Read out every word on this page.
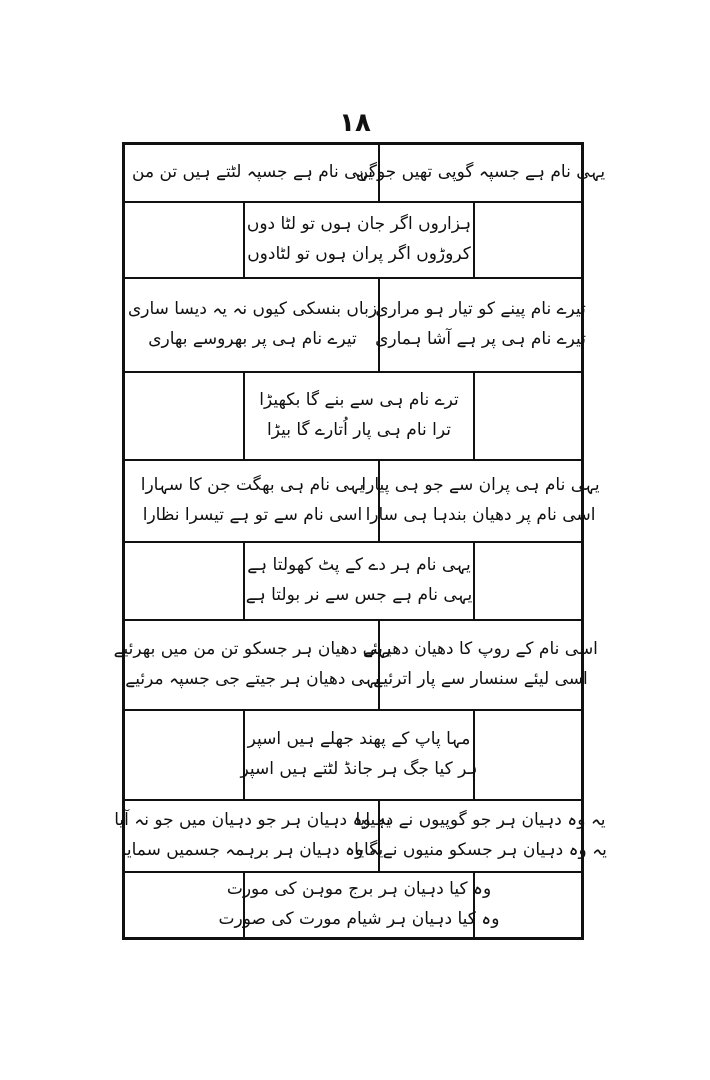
۱۸
یہی نام ہے جسپہ گوپی تھیں جوگن
یہی نام ہے جسپہ لٹتے ہیں تن من
ہزاروں اگر جان ہوں تو لٹا دوں
کروڑوں اگر پران ہوں تو لٹادوں
تیرے نام پینے کو تیار ہو مراری
تیرے نام ہی پر ہے آشا ہماری
زباں بنسکی کیوں نہ یہ دیسا ساری
تیرے نام ہی پر بھروسے بھاری
ترے نام ہی سے بنے گا بکھیڑا
ترا نام ہی پار اُتارے گا بیڑا
یہی نام ہی پران سے جو ہی پیارا
اسی نام پر دھیان بندہا ہی سارا
یہی نام ہی بھگت جن کا سہارا
اسی نام سے تو ہے تیسرا نظارا
یہی نام ہر دے کے پٹ کھولتا ہے
یہی نام ہے جس سے نر بولتا ہے
اسی نام کے روپ کا دھیان دھریئے
اسی لیئے سنسار سے پار اترئیے
یہی دھیان ہر جسکو تن من میں بھرئیے
یہی دھیان ہر جیتے جی جسپہ مرئیے
مہا پاپ کے پھند جھلے ہیں اسپر
ہر کیا جگ ہر جانڈ لٹتے ہیں اسپر
یہ وہ دہیان ہر جو گوپیوں نے دہیایا
یہ وہ دہیان ہر جسکو منیوں نے گایا
یہ وہ دہیان ہر جو دہیان میں جو نہ آیا
یہ وہ دہیان ہر برہمہ جسمیں سمایا
وہ کیا دہیان ہر برج موہن کی مورت
وہ کیا دہیان ہر شیام مورت کی صورت
